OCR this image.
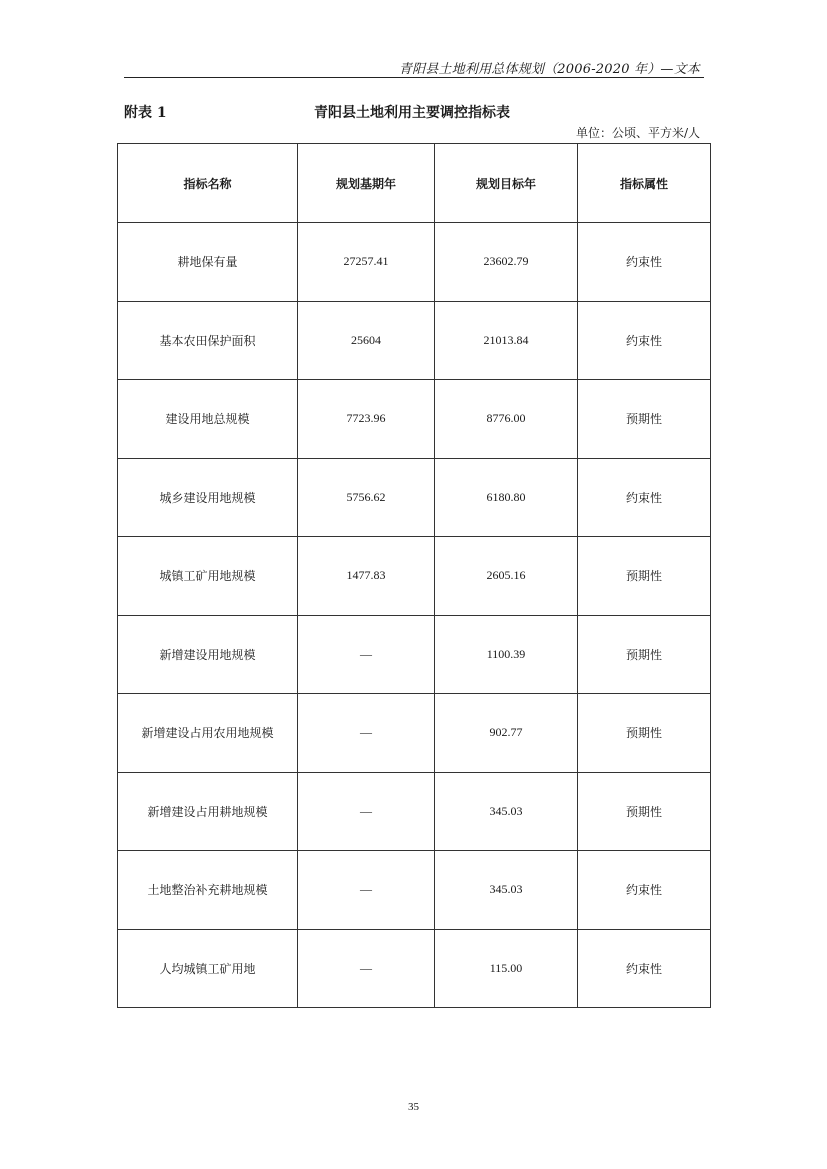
青阳县土地利用总体规划（2006-2020 年）—文本
附表 1	青阳县土地利用主要调控指标表
单位：公顷、平方米/人
指标名称	规划基期年	规划目标年	指标属性
耕地保有量	27257.41	23602.79	约束性
基本农田保护面积	25604	21013.84	约束性
建设用地总规模	7723.96	8776.00	预期性
城乡建设用地规模	5756.62	6180.80	约束性
城镇工矿用地规模	1477.83	2605.16	预期性
新增建设用地规模	—	1100.39	预期性
新增建设占用农用地规模	—	902.77	预期性
新增建设占用耕地规模	—	345.03	预期性
土地整治补充耕地规模	—	345.03	约束性
人均城镇工矿用地	—	115.00	约束性
35
